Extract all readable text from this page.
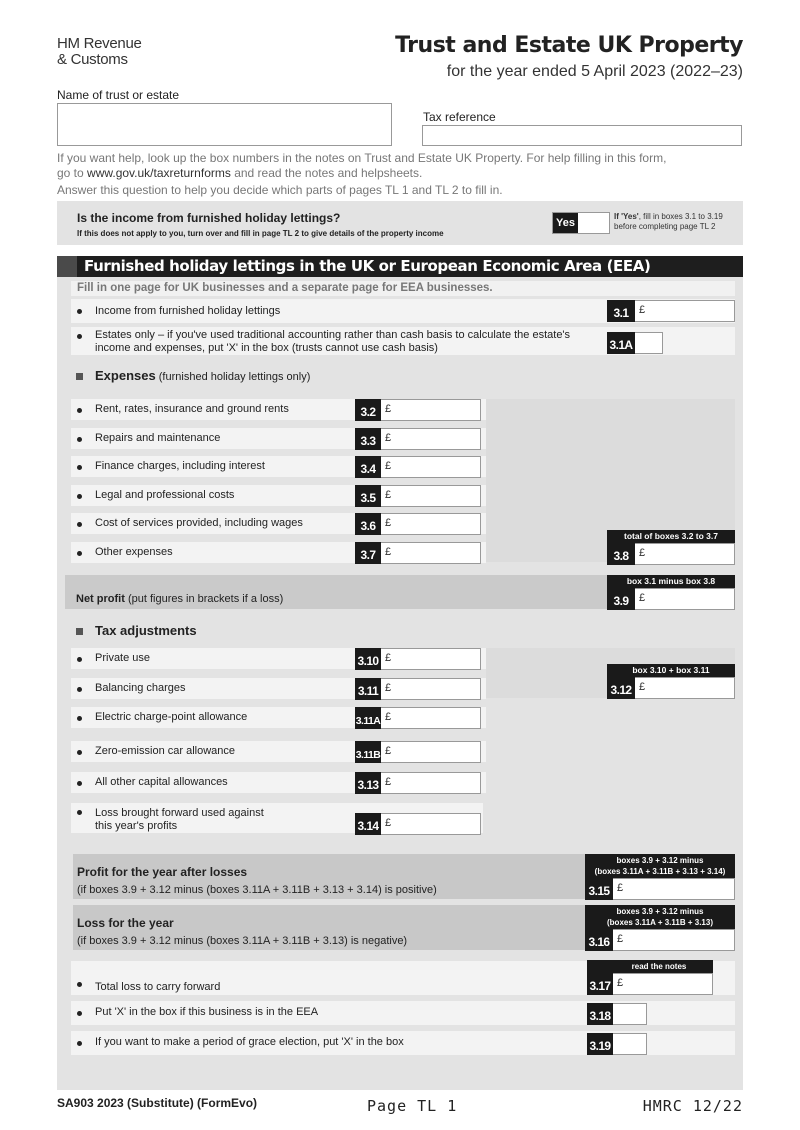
HM Revenue
& Customs
Trust and Estate UK Property
for the year ended 5 April 2023 (2022–23)
Name of trust or estate
Tax reference
If you want help, look up the box numbers in the notes on Trust and Estate UK Property. For help filling in this form,
go to www.gov.uk/taxreturnforms and read the notes and helpsheets.
Answer this question to help you decide which parts of pages TL 1 and TL 2 to fill in.
Is the income from furnished holiday lettings?
If this does not apply to you, turn over and fill in page TL 2 to give details of the property income
Yes
If 'Yes', fill in boxes 3.1 to 3.19
before completing page TL 2
Furnished holiday lettings in the UK or European Economic Area (EEA)
Fill in one page for UK businesses and a separate page for EEA businesses.
Income from furnished holiday lettings	3.1 £
Estates only – if you've used traditional accounting rather than cash basis to calculate the estate's
income and expenses, put 'X' in the box (trusts cannot use cash basis)	3.1A
Expenses (furnished holiday lettings only)
Rent, rates, insurance and ground rents	3.2 £
Repairs and maintenance	3.3 £
Finance charges, including interest	3.4 £
Legal and professional costs	3.5 £
Cost of services provided, including wages	3.6 £
Other expenses	3.7 £
total of boxes 3.2 to 3.7
3.8 £
Net profit (put figures in brackets if a loss)
box 3.1 minus box 3.8
3.9 £
Tax adjustments
Private use	3.10 £
Balancing charges	3.11 £
Electric charge-point allowance	3.11A £
Zero-emission car allowance	3.11B £
All other capital allowances	3.13 £
Loss brought forward used against
this year's profits	3.14 £
box 3.10 + box 3.11
3.12 £
Profit for the year after losses
(if boxes 3.9 + 3.12 minus (boxes 3.11A + 3.11B + 3.13 + 3.14) is positive)
boxes 3.9 + 3.12 minus
(boxes 3.11A + 3.11B + 3.13 + 3.14)
3.15 £
Loss for the year
(if boxes 3.9 + 3.12 minus (boxes 3.11A + 3.11B + 3.13) is negative)
boxes 3.9 + 3.12 minus
(boxes 3.11A + 3.11B + 3.13)
3.16 £
Total loss to carry forward
read the notes
3.17 £
Put 'X' in the box if this business is in the EEA	3.18
If you want to make a period of grace election, put 'X' in the box	3.19
SA903 2023 (Substitute) (FormEvo)	Page TL 1	HMRC 12/22
